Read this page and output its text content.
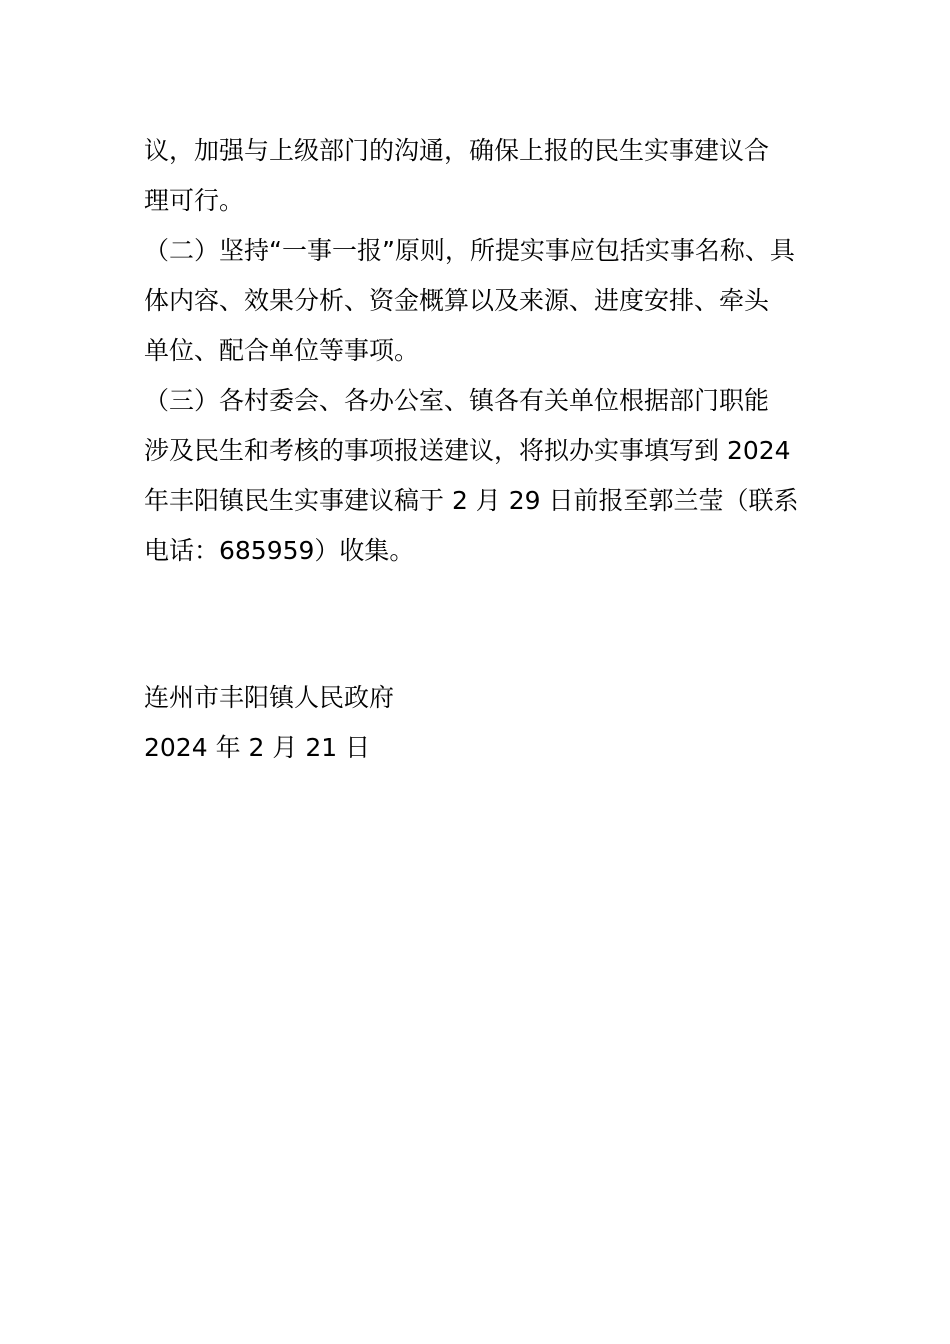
议，加强与上级部门的沟通，确保上报的民生实事建议合
理可行。
（二）坚持“一事一报”原则，所提实事应包括实事名称、具
体内容、效果分析、资金概算以及来源、进度安排、牵头
单位、配合单位等事项。
（三）各村委会、各办公室、镇各有关单位根据部门职能
涉及民生和考核的事项报送建议，将拟办实事填写到 2024
年丰阳镇民生实事建议稿于 2 月 29 日前报至郭兰莹（联系
电话：685959）收集。
连州市丰阳镇人民政府
2024 年 2 月 21 日
